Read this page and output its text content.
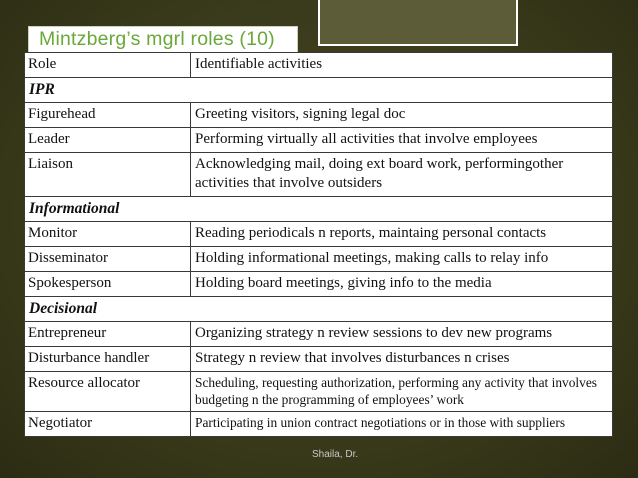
Mintzberg’s mgrl roles (10)
Role	Identifiable activities
IPR	
Figurehead	Greeting visitors, signing legal doc
Leader	Performing virtually all activities that involve employees
Liaison	Acknowledging mail, doing ext board work, performingother activities that involve outsiders
Informational	
Monitor	Reading periodicals n reports, maintaing personal contacts
Disseminator	Holding informational meetings, making calls to relay info
Spokesperson	Holding board meetings, giving info to the media
Decisional	
Entrepreneur	Organizing strategy n review sessions to dev new programs
Disturbance handler	Strategy n review that involves disturbances n crises
Resource allocator	Scheduling, requesting authorization, performing any activity that involves budgeting n the programming of employees’ work
Negotiator	Participating in union contract negotiations or in those with suppliers
Shaila, Dr.
